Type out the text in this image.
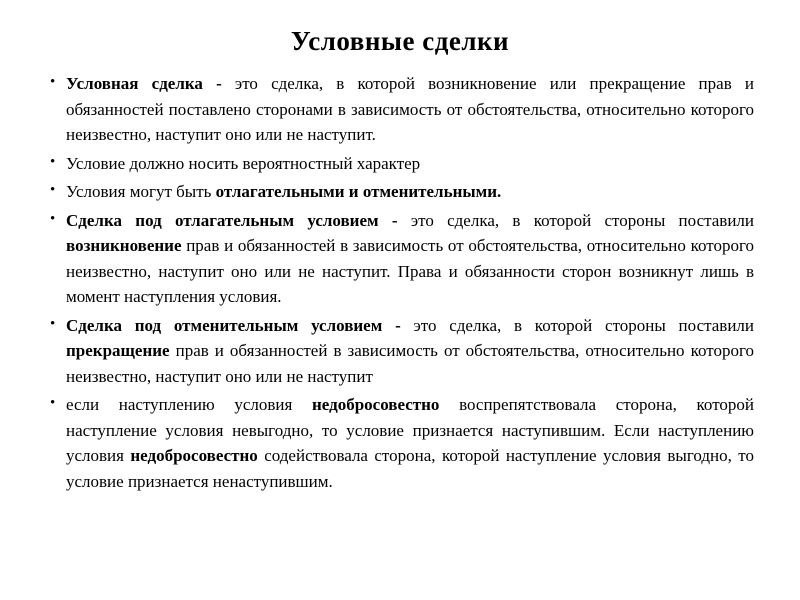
Условные сделки
• Условная сделка - это сделка, в которой возникновение или прекращение прав и обязанностей поставлено сторонами в зависимость от обстоятельства, относительно которого неизвестно, наступит оно или не наступит.
• Условие должно носить вероятностный характер
• Условия могут быть отлагательными и отменительными.
• Сделка под отлагательным условием - это сделка, в которой стороны поставили возникновение прав и обязанностей в зависимость от обстоятельства, относительно которого неизвестно, наступит оно или не наступит. Права и обязанности сторон возникнут лишь в момент наступления условия.
• Сделка под отменительным условием - это сделка, в которой стороны поставили прекращение прав и обязанностей в зависимость от обстоятельства, относительно которого неизвестно, наступит оно или не наступит
• если наступлению условия недобросовестно воспрепятствовала сторона, которой наступление условия невыгодно, то условие признается наступившим. Если наступлению условия недобросовестно содействовала сторона, которой наступление условия выгодно, то условие признается ненаступившим.
